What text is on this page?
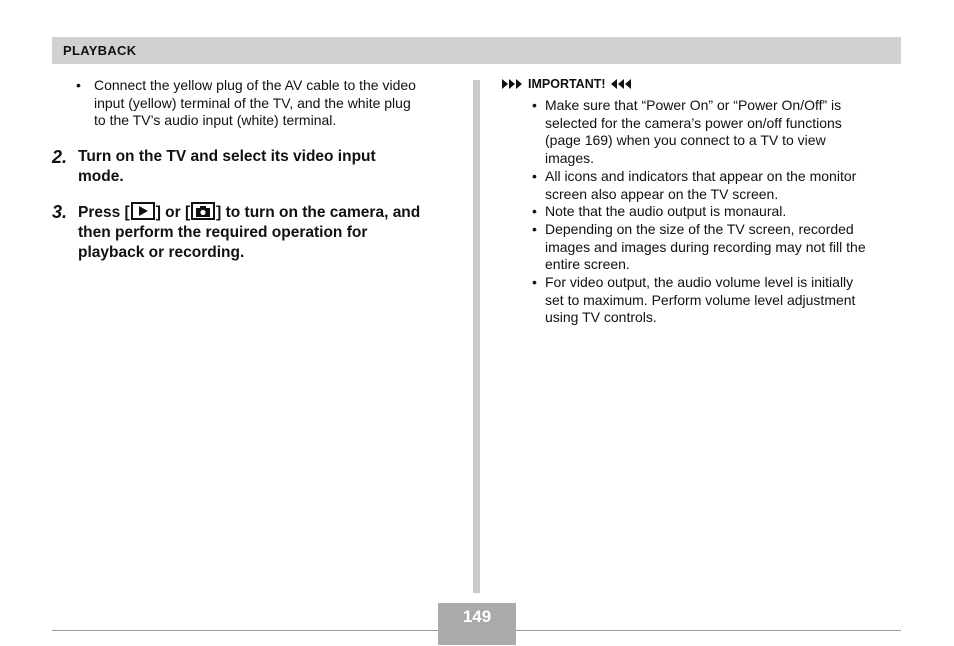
PLAYBACK
• Connect the yellow plug of the AV cable to the video
input (yellow) terminal of the TV, and the white plug
to the TV’s audio input (white) terminal.
2. Turn on the TV and select its video input
mode.
3. Press [ ] or [ ] to turn on the camera, and
then perform the required operation for
playback or recording.
IMPORTANT!
• Make sure that “Power On” or “Power On/Off” is
selected for the camera’s power on/off functions
(page 169) when you connect to a TV to view
images.
• All icons and indicators that appear on the monitor
screen also appear on the TV screen.
• Note that the audio output is monaural.
• Depending on the size of the TV screen, recorded
images and images during recording may not fill the
entire screen.
• For video output, the audio volume level is initially
set to maximum. Perform volume level adjustment
using TV controls.
149
